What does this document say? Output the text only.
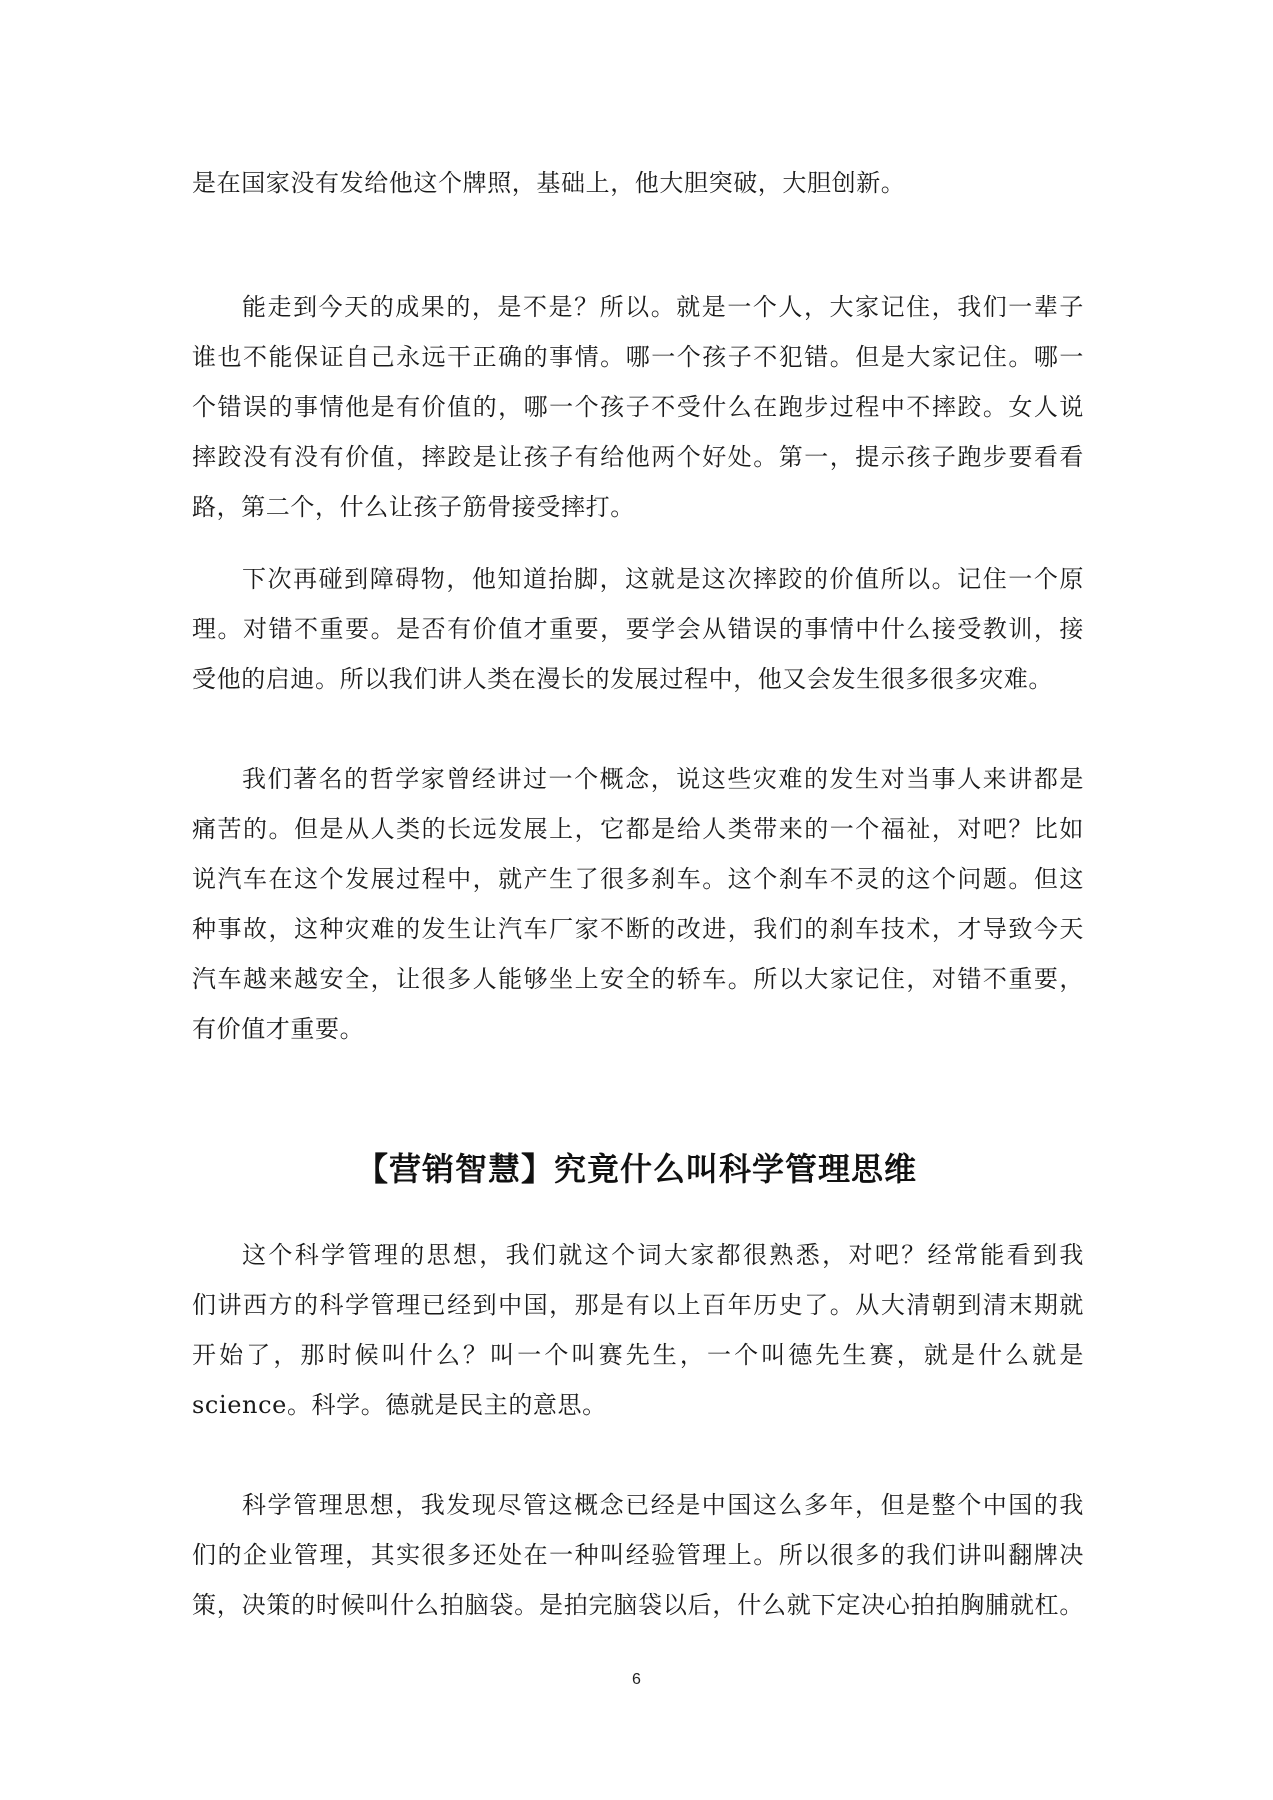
是在国家没有发给他这个牌照，基础上，他大胆突破，大胆创新。

能走到今天的成果的，是不是？所以。就是一个人，大家记住，我们一辈子

谁也不能保证自己永远干正确的事情。哪一个孩子不犯错。但是大家记住。哪一

个错误的事情他是有价值的，哪一个孩子不受什么在跑步过程中不摔跤。女人说

摔跤没有没有价值，摔跤是让孩子有给他两个好处。第一，提示孩子跑步要看看

路，第二个，什么让孩子筋骨接受摔打。

下次再碰到障碍物，他知道抬脚，这就是这次摔跤的价值所以。记住一个原

理。对错不重要。是否有价值才重要，要学会从错误的事情中什么接受教训，接

受他的启迪。所以我们讲人类在漫长的发展过程中，他又会发生很多很多灾难。

我们著名的哲学家曾经讲过一个概念，说这些灾难的发生对当事人来讲都是

痛苦的。但是从人类的长远发展上，它都是给人类带来的一个福祉，对吧？比如

说汽车在这个发展过程中，就产生了很多刹车。这个刹车不灵的这个问题。但这

种事故，这种灾难的发生让汽车厂家不断的改进，我们的刹车技术，才导致今天

汽车越来越安全，让很多人能够坐上安全的轿车。所以大家记住，对错不重要，

有价值才重要。

【营销智慧】究竟什么叫科学管理思维

这个科学管理的思想，我们就这个词大家都很熟悉，对吧？经常能看到我

们讲西方的科学管理已经到中国，那是有以上百年历史了。从大清朝到清末期就

开始了，那时候叫什么？叫一个叫赛先生，一个叫德先生赛，就是什么就是

science。科学。德就是民主的意思。

科学管理思想，我发现尽管这概念已经是中国这么多年，但是整个中国的我

们的企业管理，其实很多还处在一种叫经验管理上。所以很多的我们讲叫翻牌决

策，决策的时候叫什么拍脑袋。是拍完脑袋以后，什么就下定决心拍拍胸脯就杠。

6
